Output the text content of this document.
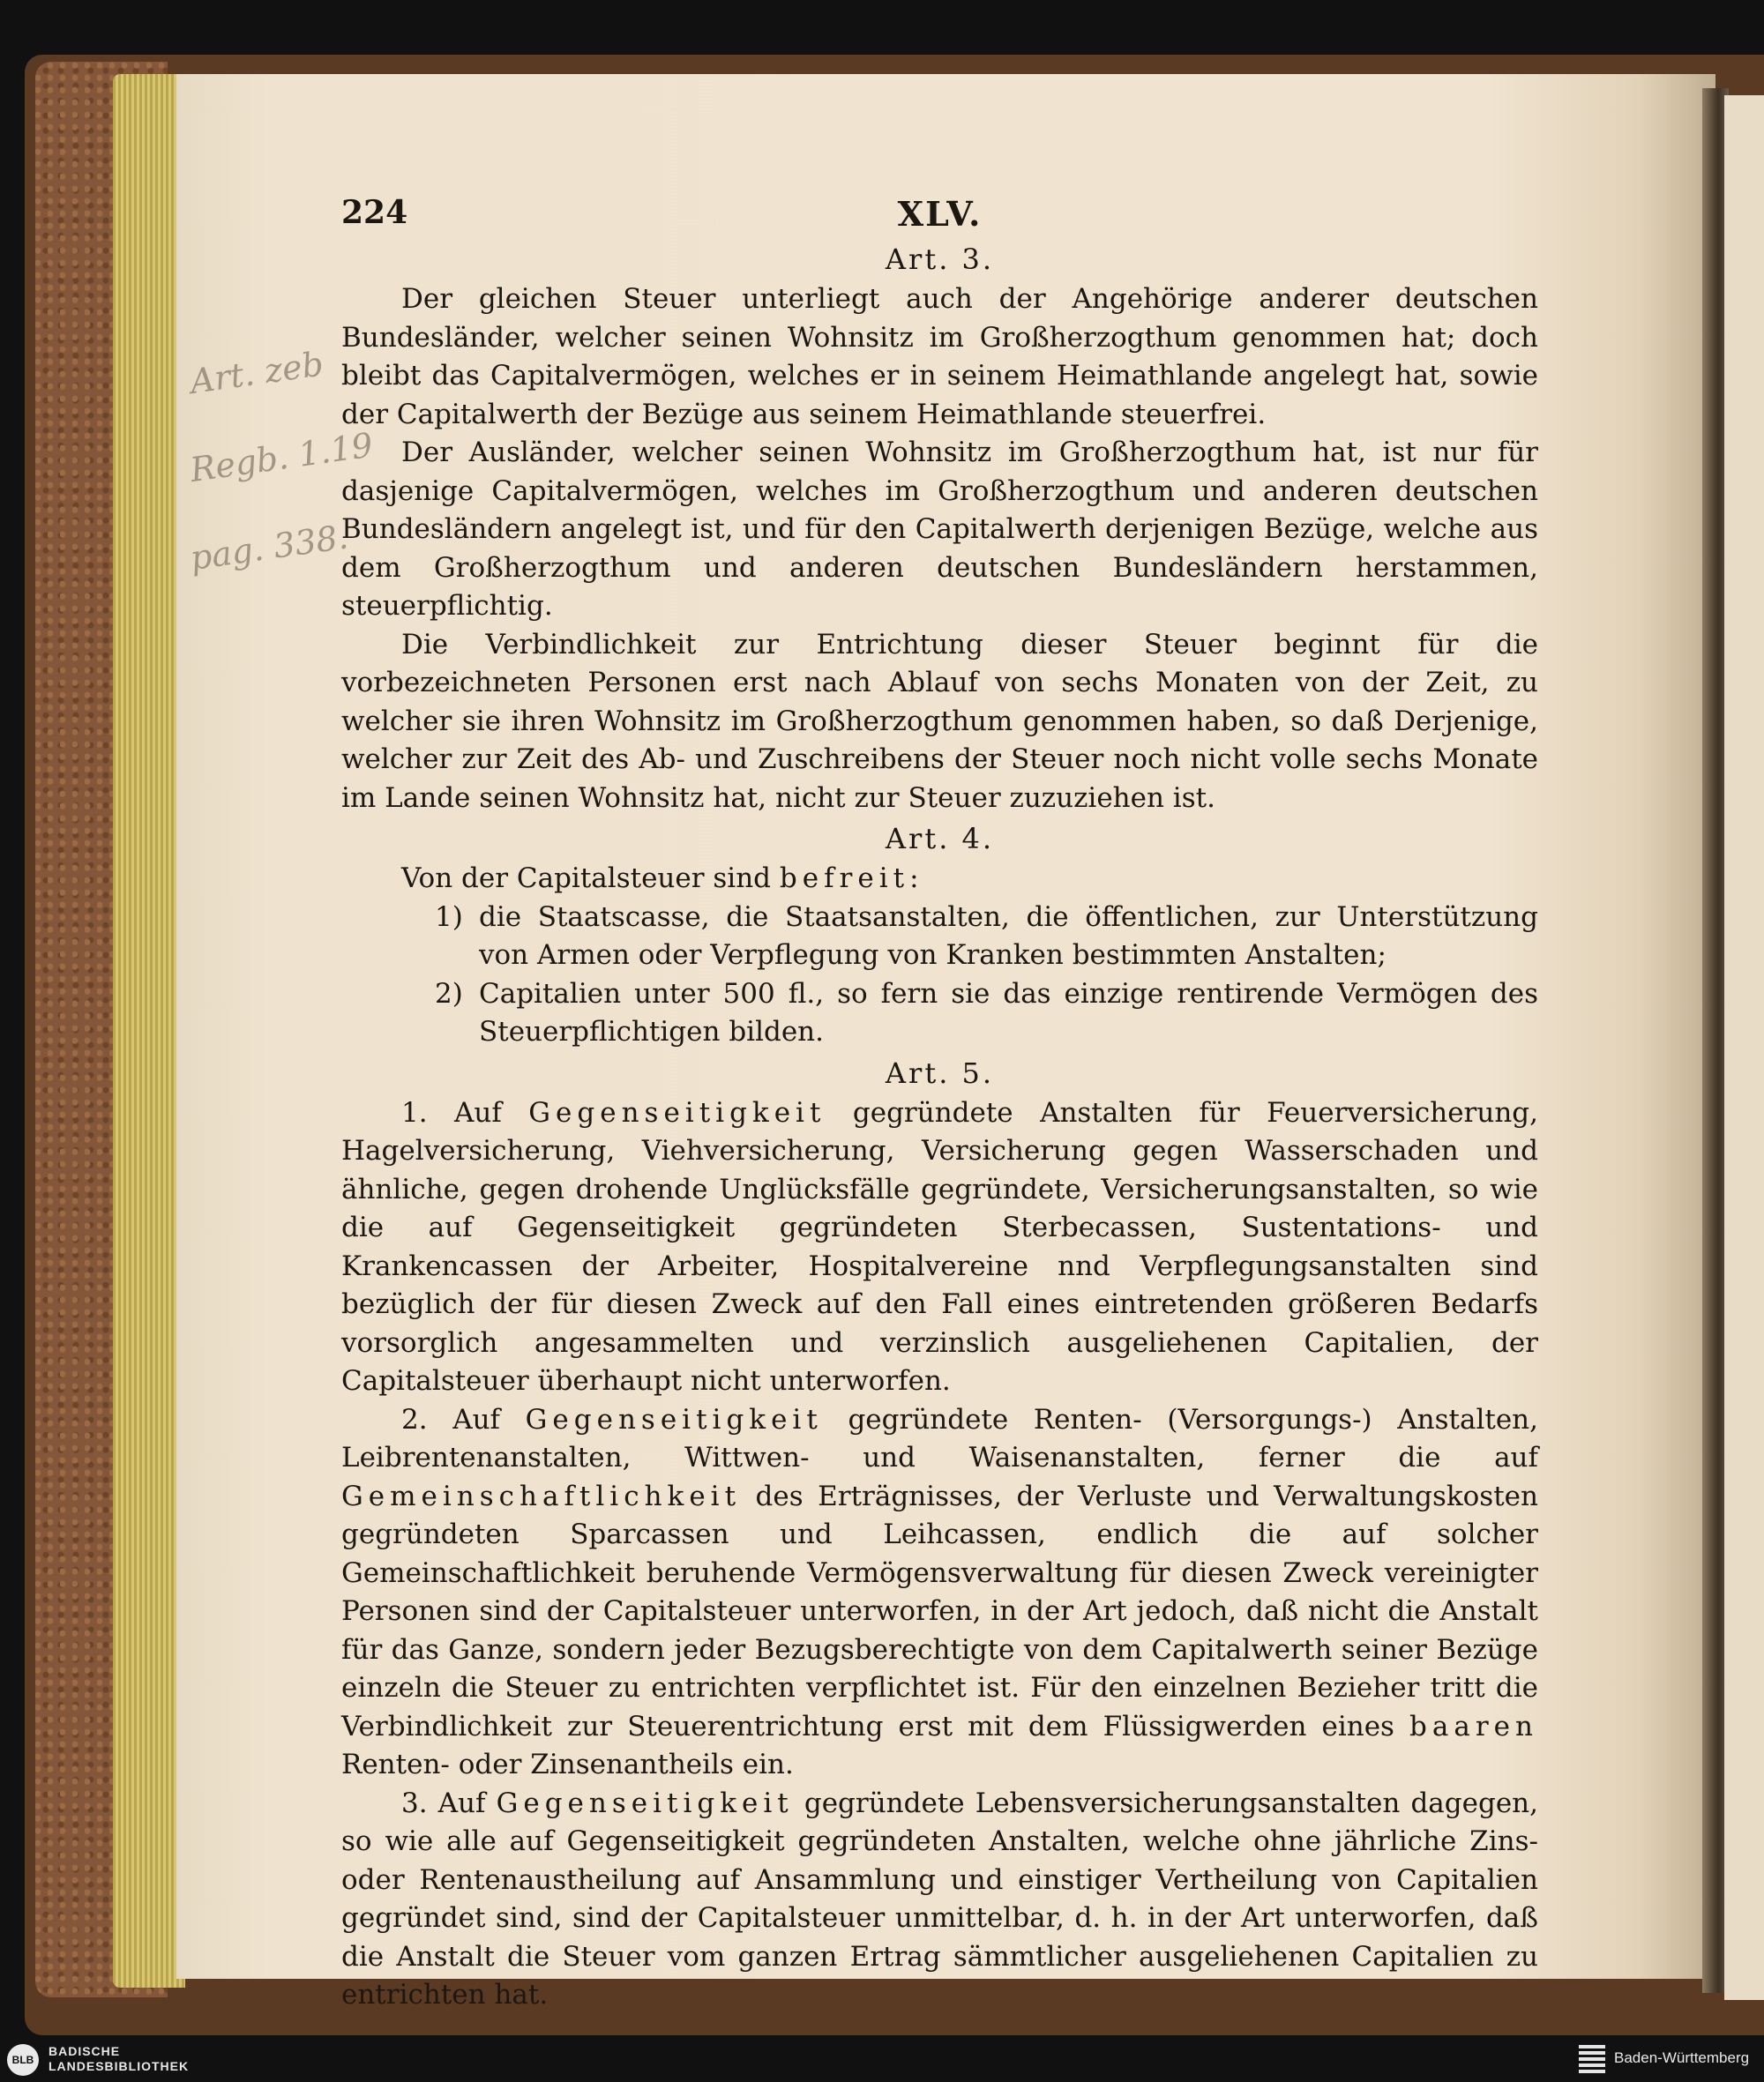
Art. zeb
Regb. 1.19
pag. 338.
224	XLV.
Art. 3.

Der gleichen Steuer unterliegt auch der Angehörige anderer deutschen Bundesländer, welcher seinen Wohnsitz im Großherzogthum genommen hat; doch bleibt das Capitalvermögen, welches er in seinem Heimathlande angelegt hat, sowie der Capitalwerth der Bezüge aus seinem Heimathlande steuerfrei.

Der Ausländer, welcher seinen Wohnsitz im Großherzogthum hat, ist nur für dasjenige Capitalvermögen, welches im Großherzogthum und anderen deutschen Bundesländern angelegt ist, und für den Capitalwerth derjenigen Bezüge, welche aus dem Großherzogthum und anderen deutschen Bundesländern herstammen, steuerpflichtig.

Die Verbindlichkeit zur Entrichtung dieser Steuer beginnt für die vorbezeichneten Personen erst nach Ablauf von sechs Monaten von der Zeit, zu welcher sie ihren Wohnsitz im Großherzogthum genommen haben, so daß Derjenige, welcher zur Zeit des Ab- und Zuschreibens der Steuer noch nicht volle sechs Monate im Lande seinen Wohnsitz hat, nicht zur Steuer zuzuziehen ist.

Art. 4.

Von der Capitalsteuer sind befreit:

1) die Staatscasse, die Staatsanstalten, die öffentlichen, zur Unterstützung von Armen oder Verpflegung von Kranken bestimmten Anstalten;
2) Capitalien unter 500 fl., so fern sie das einzige rentirende Vermögen des Steuerpflichtigen bilden.
Art. 5.

1. Auf Gegenseitigkeit gegründete Anstalten für Feuerversicherung, Hagelversicherung, Viehversicherung, Versicherung gegen Wasserschaden und ähnliche, gegen drohende Unglücksfälle gegründete, Versicherungsanstalten, so wie die auf Gegenseitigkeit gegründeten Sterbecassen, Sustentations- und Krankencassen der Arbeiter, Hospitalvereine nnd Verpflegungsanstalten sind bezüglich der für diesen Zweck auf den Fall eines eintretenden größeren Bedarfs vorsorglich angesammelten und verzinslich ausgeliehenen Capitalien, der Capitalsteuer überhaupt nicht unterworfen.

2. Auf Gegenseitigkeit gegründete Renten- (Versorgungs-) Anstalten, Leibrentenanstalten, Wittwen- und Waisenanstalten, ferner die auf Gemeinschaftlichkeit des Erträgnisses, der Verluste und Verwaltungskosten gegründeten Sparcassen und Leihcassen, endlich die auf solcher Gemeinschaftlichkeit beruhende Vermögensverwaltung für diesen Zweck vereinigter Personen sind der Capitalsteuer unterworfen, in der Art jedoch, daß nicht die Anstalt für das Ganze, sondern jeder Bezugsberechtigte von dem Capitalwerth seiner Bezüge einzeln die Steuer zu entrichten verpflichtet ist. Für den einzelnen Bezieher tritt die Verbindlichkeit zur Steuerentrichtung erst mit dem Flüssigwerden eines baaren Renten- oder Zinsenantheils ein.

3. Auf Gegenseitigkeit gegründete Lebensversicherungsanstalten dagegen, so wie alle auf Gegenseitigkeit gegründeten Anstalten, welche ohne jährliche Zins- oder Rentenaustheilung auf Ansammlung und einstiger Vertheilung von Capitalien gegründet sind, sind der Capitalsteuer unmittelbar, d. h. in der Art unterworfen, daß die Anstalt die Steuer vom ganzen Ertrag sämmtlicher ausgeliehenen Capitalien zu entrichten hat.

BLB
BADISCHE
LANDESBIBLIOTHEK	Baden-Württemberg
